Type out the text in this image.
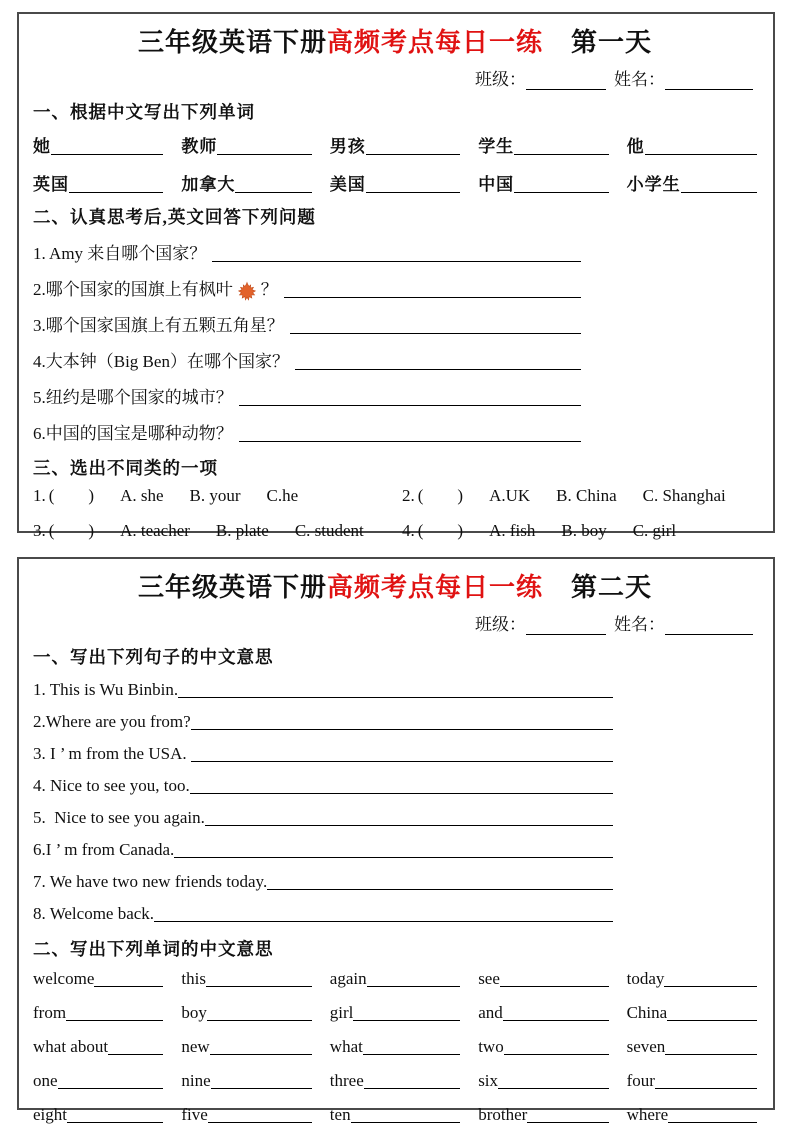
三年级英语下册高频考点每日一练 第一天
班级：	姓名：
一、根据中文写出下列单词
她	教师	男孩	学生	他
英国	加拿大	美国	中国	小学生
二、认真思考后,英文回答下列问题
1. Amy 来自哪个国家？
2.哪个国家的国旗上有枫叶 ？
3.哪个国家国旗上有五颗五角星？
4.大本钟（Big Ben）在哪个国家？
5.纽约是哪个国家的城市？
6.中国的国宝是哪种动物？
三、选出不同类的一项
1. (        ) A. she B. your C.he	2. (        ) A.UK B. China C. Shanghai
3. (        ) A. teacher B. plate C. student 4. (        ) A. fish B. boy C. girl
三年级英语下册高频考点每日一练 第二天
班级：	姓名：
一、写出下列句子的中文意思
1. This is Wu Binbin.
2.Where are you from?
3. I ’ m from the USA.
4. Nice to see you, too.
5.  Nice to see you again.
6.I ’ m from Canada.
7. We have two new friends today.
8. Welcome back.
二、写出下列单词的中文意思
welcome	this	again	see	today
from	boy	girl	and	China
what about	new	what	two	seven
one	nine	three	six	four
eight	five	ten	brother	where
